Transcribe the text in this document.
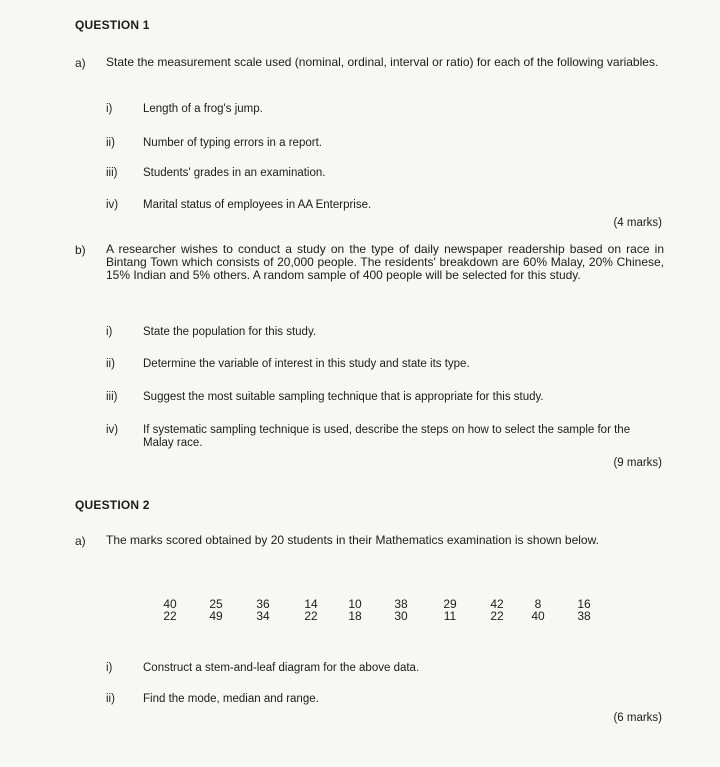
QUESTION 1
a) State the measurement scale used (nominal, ordinal, interval or ratio) for each of the following variables.
i)	Length of a frog's jump.
ii) Number of typing errors in a report.
iii) Students' grades in an examination.
iv) Marital status of employees in AA Enterprise.
(4 marks)
b) A researcher wishes to conduct a study on the type of daily newspaper readership based on race in Bintang Town which consists of 20,000 people. The residents' breakdown are 60% Malay, 20% Chinese, 15% Indian and 5% others. A random sample of 400 people will be selected for this study.
i)	State the population for this study.
ii) Determine the variable of interest in this study and state its type.
iii) Suggest the most suitable sampling technique that is appropriate for this study.
iv) If systematic sampling technique is used, describe the steps on how to select the sample for the Malay race.
(9 marks)
QUESTION 2
a) The marks scored obtained by 20 students in their Mathematics examination is shown below.
40		25		36		14		10		38		29		42		8		16
22		49		34		22		18		30		11		22		40		38
i)	Construct a stem-and-leaf diagram for the above data.
ii) Find the mode, median and range.
(6 marks)
